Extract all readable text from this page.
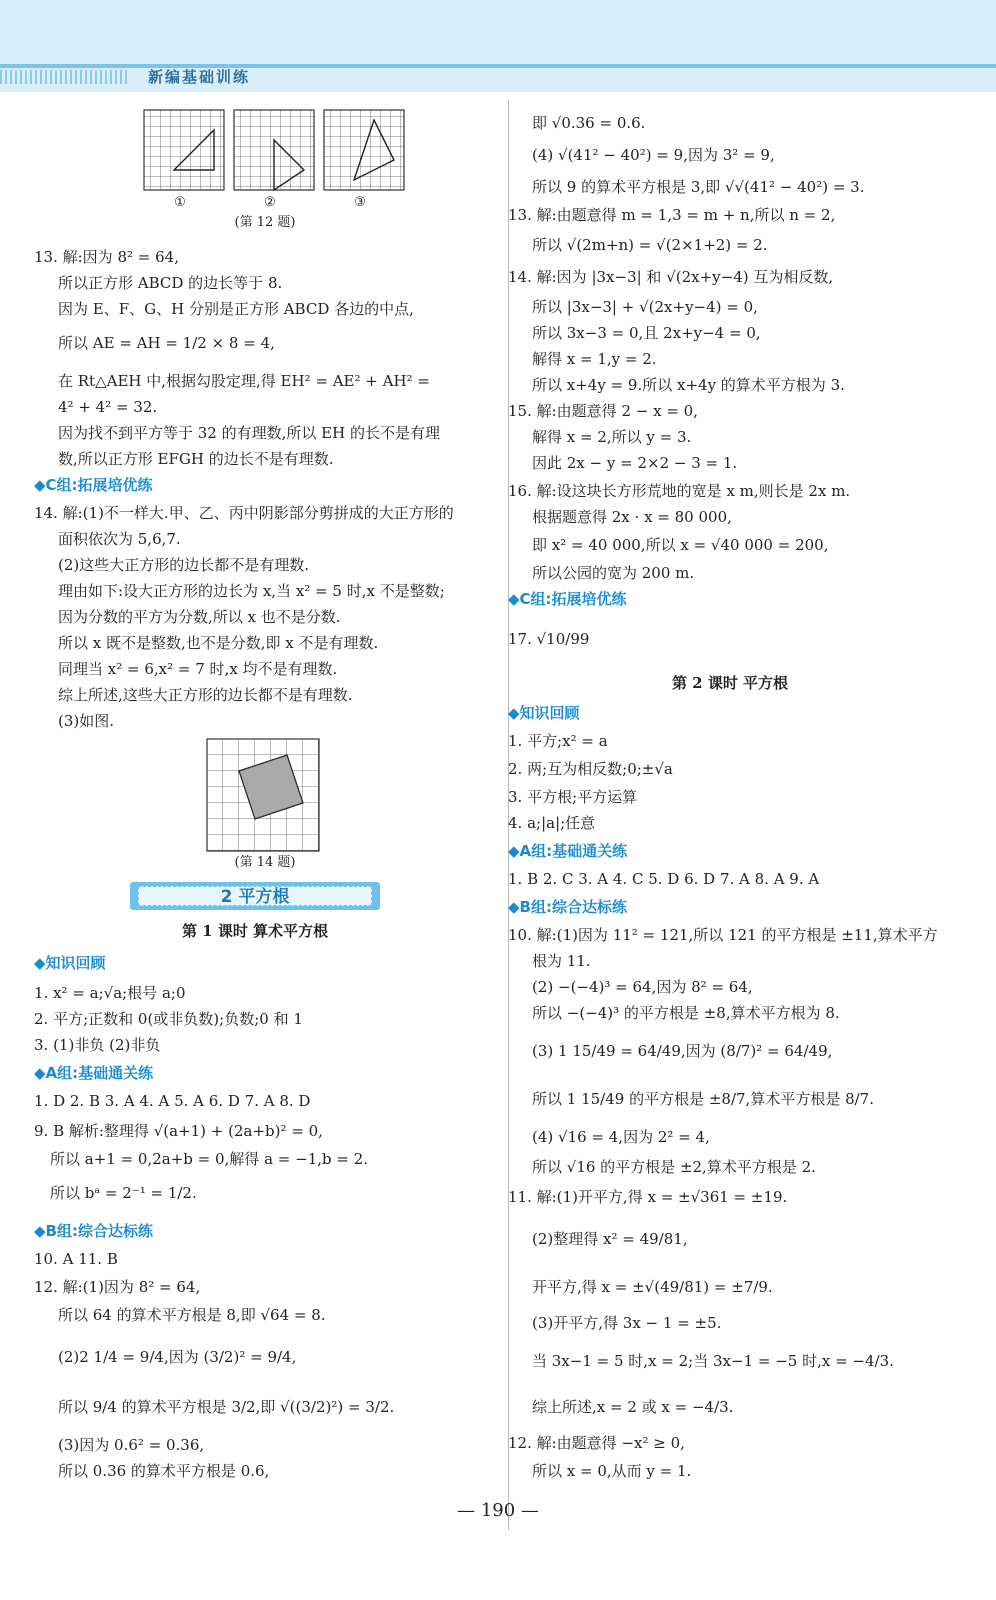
新编基础训练
①	②	③
(第 12 题)
13. 解:因为 8² = 64,
所以正方形 ABCD 的边长等于 8.
因为 E、F、G、H 分别是正方形 ABCD 各边的中点,
所以 AE = AH = 1/2 × 8 = 4,
在 Rt△AEH 中,根据勾股定理,得 EH² = AE² + AH² =
4² + 4² = 32.
因为找不到平方等于 32 的有理数,所以 EH 的长不是有理
数,所以正方形 EFGH 的边长不是有理数.
◆C组:拓展培优练
14. 解:(1)不一样大.甲、乙、丙中阴影部分剪拼成的大正方形的
面积依次为 5,6,7.
(2)这些大正方形的边长都不是有理数.
理由如下:设大正方形的边长为 x,当 x² = 5 时,x 不是整数;
因为分数的平方为分数,所以 x 也不是分数.
所以 x 既不是整数,也不是分数,即 x 不是有理数.
同理当 x² = 6,x² = 7 时,x 均不是有理数.
综上所述,这些大正方形的边长都不是有理数.
(3)如图.
(第 14 题)
2 平方根
第 1 课时 算术平方根
◆知识回顾
1. x² = a;√a;根号 a;0
2. 平方;正数和 0(或非负数);负数;0 和 1
3. (1)非负 (2)非负
◆A组:基础通关练
1. D 2. B 3. A 4. A 5. A 6. D 7. A 8. D
9. B 解析:整理得 √(a+1) + (2a+b)² = 0,
所以 a+1 = 0,2a+b = 0,解得 a = −1,b = 2.
所以 bᵃ = 2⁻¹ = 1/2.
◆B组:综合达标练
10. A 11. B
12. 解:(1)因为 8² = 64,
所以 64 的算术平方根是 8,即 √64 = 8.
(2)2 1/4 = 9/4,因为 (3/2)² = 9/4,
所以 9/4 的算术平方根是 3/2,即 √((3/2)²) = 3/2.
(3)因为 0.6² = 0.36,
所以 0.36 的算术平方根是 0.6,
即 √0.36 = 0.6.
(4) √(41² − 40²) = 9,因为 3² = 9,
所以 9 的算术平方根是 3,即 √√(41² − 40²) = 3.
13. 解:由题意得 m = 1,3 = m + n,所以 n = 2,
所以 √(2m+n) = √(2×1+2) = 2.
14. 解:因为 |3x−3| 和 √(2x+y−4) 互为相反数,
所以 |3x−3| + √(2x+y−4) = 0,
所以 3x−3 = 0,且 2x+y−4 = 0,
解得 x = 1,y = 2.
所以 x+4y = 9.所以 x+4y 的算术平方根为 3.
15. 解:由题意得 2 − x = 0,
解得 x = 2,所以 y = 3.
因此 2x − y = 2×2 − 3 = 1.
16. 解:设这块长方形荒地的宽是 x m,则长是 2x m.
根据题意得 2x · x = 80 000,
即 x² = 40 000,所以 x = √40 000 = 200,
所以公园的宽为 200 m.
◆C组:拓展培优练
17. √10/99
第 2 课时 平方根
◆知识回顾
1. 平方;x² = a
2. 两;互为相反数;0;±√a
3. 平方根;平方运算
4. a;|a|;任意
◆A组:基础通关练
1. B 2. C 3. A 4. C 5. D 6. D 7. A 8. A 9. A
◆B组:综合达标练
10. 解:(1)因为 11² = 121,所以 121 的平方根是 ±11,算术平方
根为 11.
(2) −(−4)³ = 64,因为 8² = 64,
所以 −(−4)³ 的平方根是 ±8,算术平方根为 8.
(3) 1 15/49 = 64/49,因为 (8/7)² = 64/49,
所以 1 15/49 的平方根是 ±8/7,算术平方根是 8/7.
(4) √16 = 4,因为 2² = 4,
所以 √16 的平方根是 ±2,算术平方根是 2.
11. 解:(1)开平方,得 x = ±√361 = ±19.
(2)整理得 x² = 49/81,
开平方,得 x = ±√(49/81) = ±7/9.
(3)开平方,得 3x − 1 = ±5.
当 3x−1 = 5 时,x = 2;当 3x−1 = −5 时,x = −4/3.
综上所述,x = 2 或 x = −4/3.
12. 解:由题意得 −x² ≥ 0,
所以 x = 0,从而 y = 1.
— 190 —
